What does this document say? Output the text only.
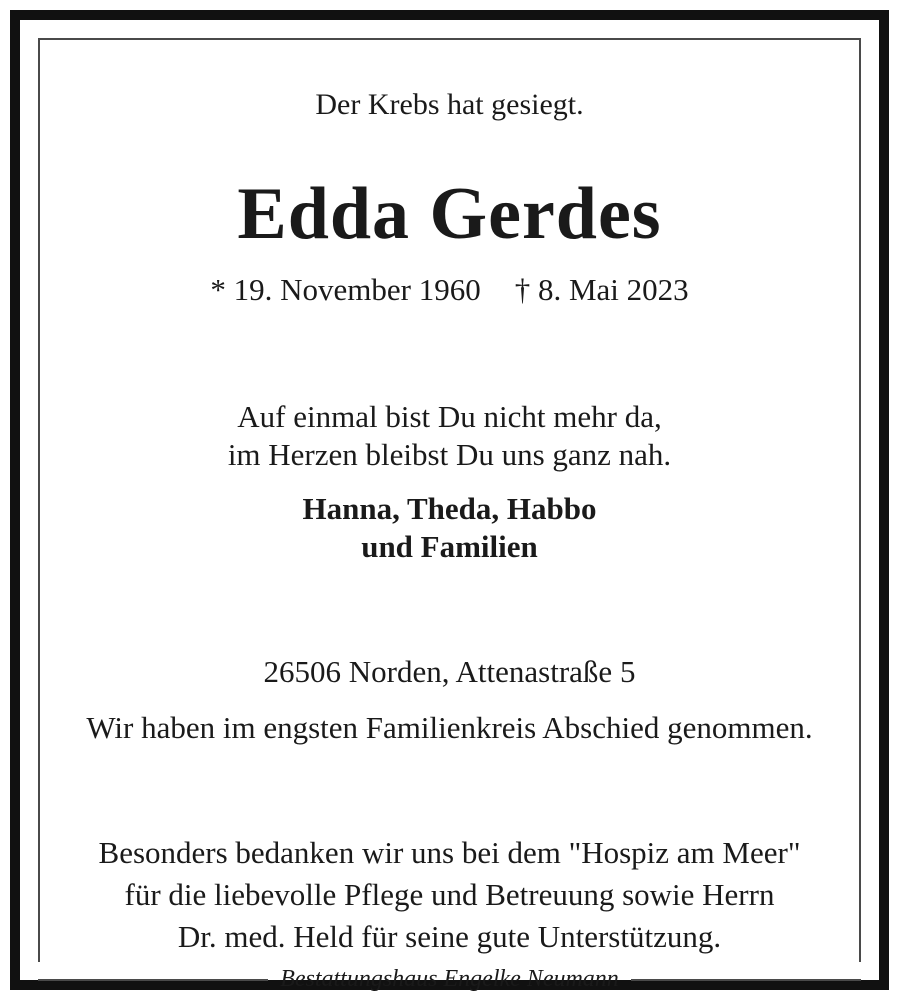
Der Krebs hat gesiegt.

Edda Gerdes

* 19. November 1960 † 8. Mai 2023

Auf einmal bist Du nicht mehr da,
im Herzen bleibst Du uns ganz nah.

Hanna, Theda, Habbo
und Familien

26506 Norden, Attenastraße 5

Wir haben im engsten Familienkreis Abschied genommen.

Besonders bedanken wir uns bei dem "Hospiz am Meer"
für die liebevolle Pflege und Betreuung sowie Herrn
Dr. med. Held für seine gute Unterstützung.

Bestattungshaus Engelke Neumann
